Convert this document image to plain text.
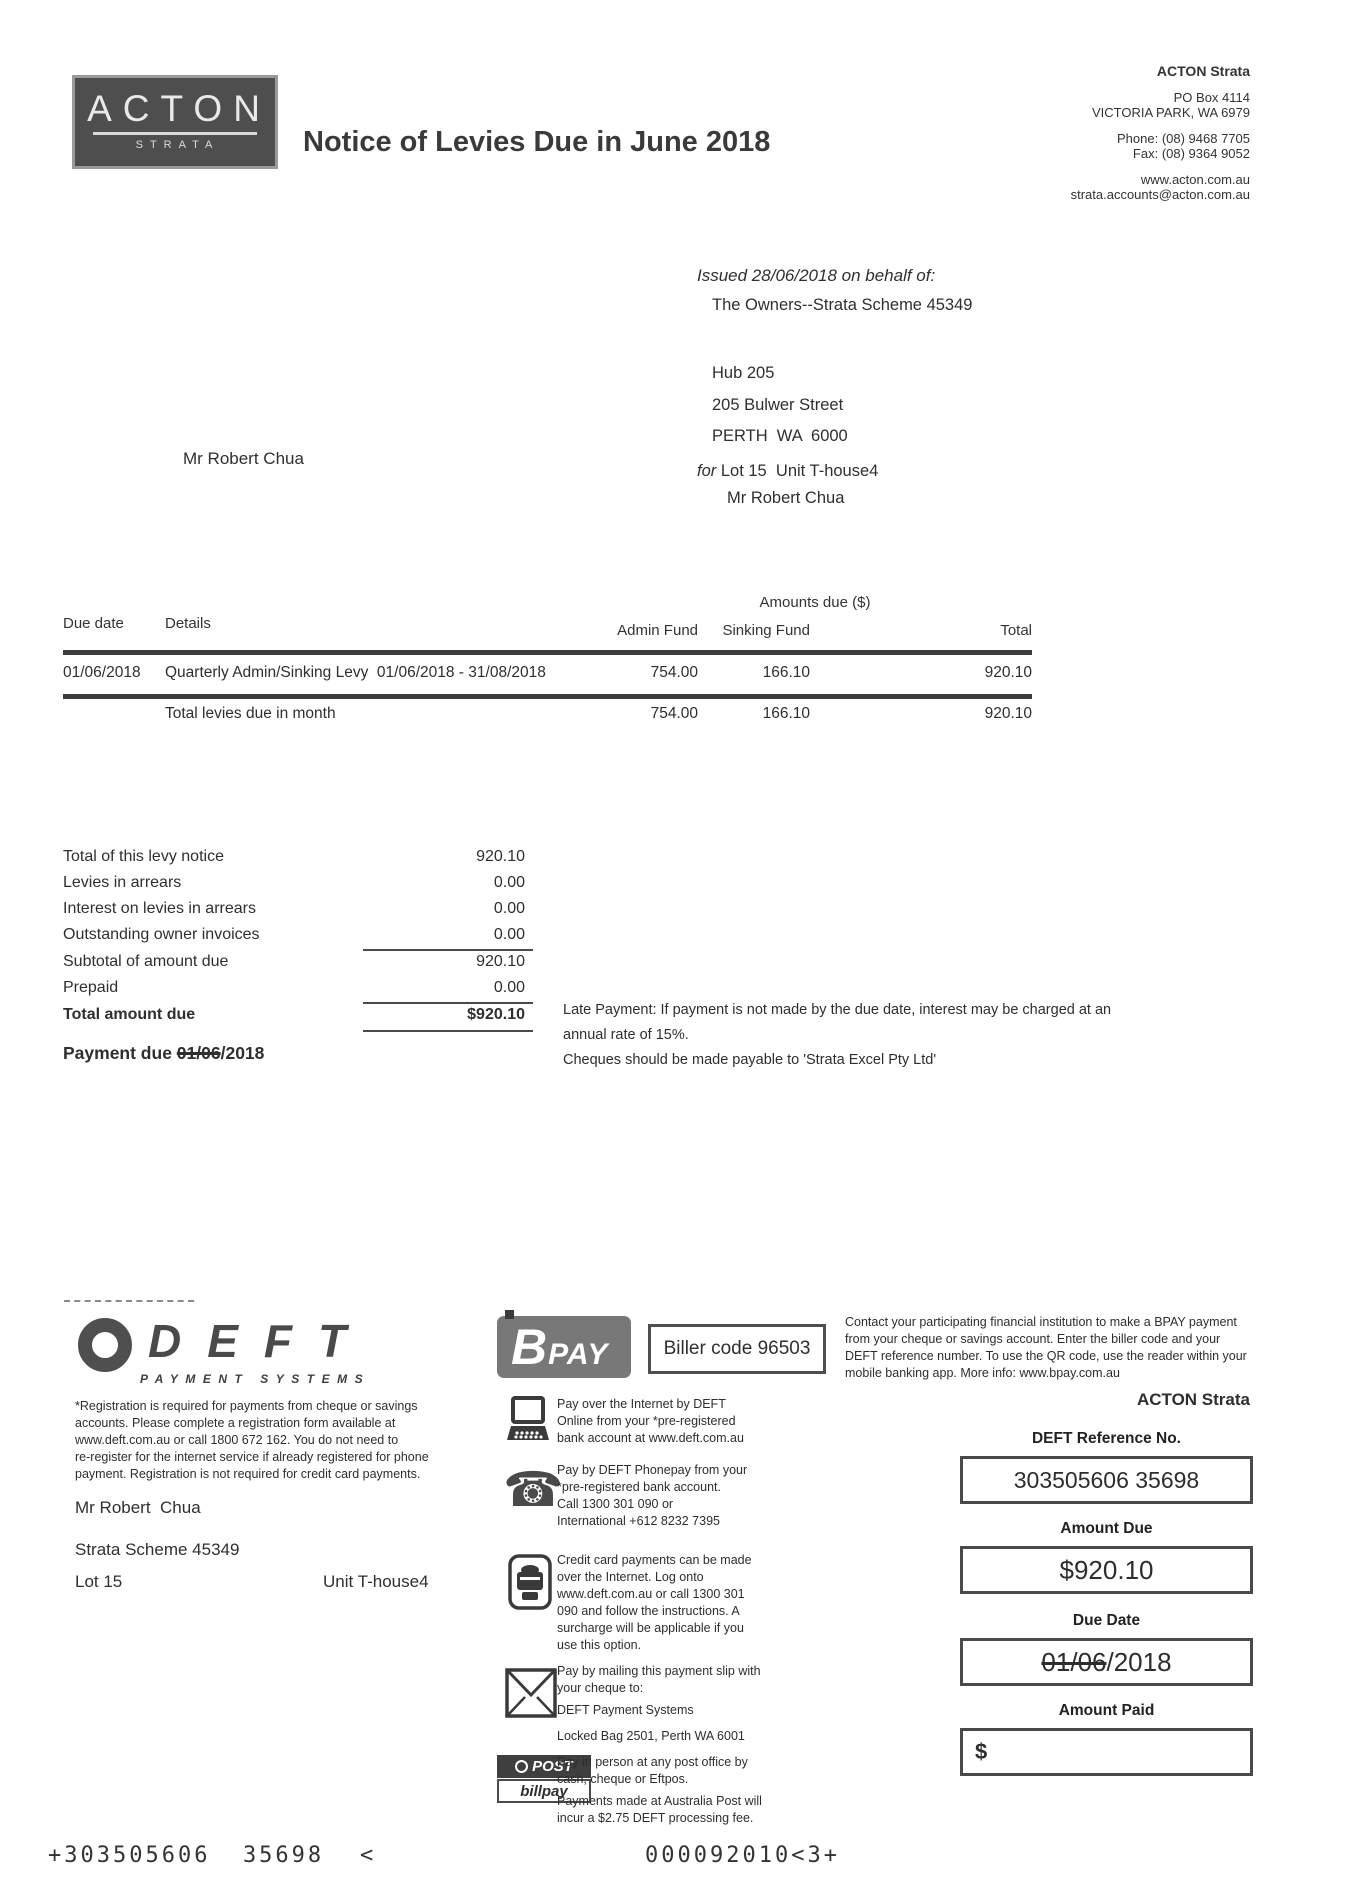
ACTON
STRATA	Notice of Levies Due in June 2018
ACTON Strata
PO Box 4114
VICTORIA PARK, WA 6979
Phone: (08) 9468 7705
Fax: (08) 9364 9052
www.acton.com.au
strata.accounts@acton.com.au
Issued 28/06/2018 on behalf of:
The Owners--Strata Scheme 45349
Hub 205
205 Bulwer Street
PERTH  WA  6000
Mr Robert Chua
for Lot 15  Unit T-house4
Mr Robert Chua
Amounts due ($)
Due date	Details	Admin Fund	Sinking Fund	Total
01/06/2018 Quarterly Admin/Sinking Levy  01/06/2018 - 31/08/2018	754.00	166.10	920.10
Total levies due in month	754.00	166.10	920.10
Total of this levy notice	920.10
Levies in arrears	0.00
Interest on levies in arrears	0.00
Outstanding owner invoices	0.00
Subtotal of amount due	920.10
Prepaid	0.00
Total amount due	$920.10
Payment due 01/06/2018
Late Payment: If payment is not made by the due date, interest may be charged at an
annual rate of 15%.
Cheques should be made payable to 'Strata Excel Pty Ltd'
DEFT
PAYMENT SYSTEMS
*Registration is required for payments from cheque or savings
accounts. Please complete a registration form available at
www.deft.com.au or call 1800 672 162. You do not need to
re-register for the internet service if already registered for phone
payment. Registration is not required for credit card payments.
Mr Robert  Chua
Strata Scheme 45349
Lot 15	Unit T-house4
BPAY	Biller code 96503
Contact your participating financial institution to make a BPAY payment
from your cheque or savings account. Enter the biller code and your
DEFT reference number. To use the QR code, use the reader within your
mobile banking app. More info: www.bpay.com.au
ACTON Strata
DEFT Reference No.
303505606 35698
Amount Due
$920.10
Due Date
01/06 /2018
Amount Paid
$
Pay over the Internet by DEFT
Online from your *pre-registered
bank account at www.deft.com.au
☎
Pay by DEFT Phonepay from your
*pre-registered bank account.
Call 1300 301 090 or
International +612 8232 7395
Credit card payments can be made
over the Internet. Log onto
www.deft.com.au or call 1300 301
090 and follow the instructions. A
surcharge will be applicable if you
use this option.
Pay by mailing this payment slip with
your cheque to:
DEFT Payment Systems
Locked Bag 2501, Perth WA 6001
POST
billpay
Pay in person at any post office by
cash, cheque or Eftpos.
Payments made at Australia Post will
incur a $2.75 DEFT processing fee.
+303505606  35698 <	000092010<3+
